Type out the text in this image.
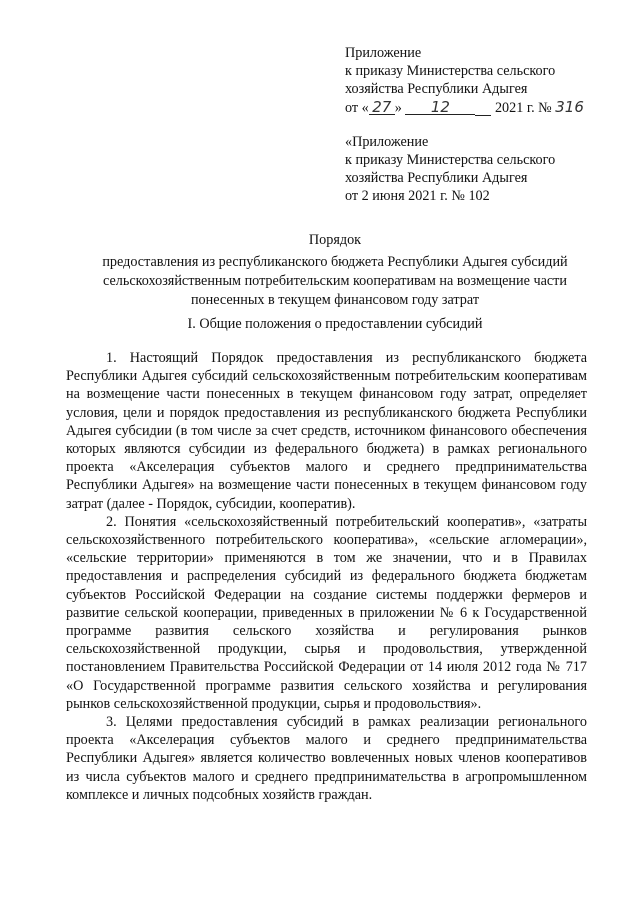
Приложение
к приказу Министерства сельского
хозяйства Республики Адыгея
от « 27 » 12	2021 г. № 316
«Приложение
к приказу Министерства сельского
хозяйства Республики Адыгея
от 2 июня 2021 г. № 102
Порядок
предоставления из республиканского бюджета Республики Адыгея субсидий
сельскохозяйственным потребительским кооперативам на возмещение части
понесенных в текущем финансовом году затрат
I. Общие положения о предоставлении субсидий

1. Настоящий Порядок предоставления из республиканского бюджета Республики Адыгея субсидий сельскохозяйственным потребительским кооперативам на возмещение части понесенных в текущем финансовом году затрат, определяет условия, цели и порядок предоставления из республиканского бюджета Республики Адыгея субсидии (в том числе за счет средств, источником финансового обеспечения которых являются субсидии из федерального бюджета) в рамках регионального проекта «Акселерация субъектов малого и среднего предпринимательства Республики Адыгея» на возмещение части понесенных в текущем финансовом году затрат (далее - Порядок, субсидии, кооператив).

2. Понятия «сельскохозяйственный потребительский кооператив», «затраты сельскохозяйственного потребительского кооператива», «сельские агломерации», «сельские территории» применяются в том же значении, что и в Правилах предоставления и распределения субсидий из федерального бюджета бюджетам субъектов Российской Федерации на создание системы поддержки фермеров и развитие сельской кооперации, приведенных в приложении № 6 к Государственной программе развития сельского хозяйства и регулирования рынков сельскохозяйственной продукции, сырья и продовольствия, утвержденной постановлением Правительства Российской Федерации от 14 июля 2012 года № 717 «О Государственной программе развития сельского хозяйства и регулирования рынков сельскохозяйственной продукции, сырья и продовольствия».

3. Целями предоставления субсидий в рамках реализации регионального проекта «Акселерация субъектов малого и среднего предпринимательства Республики Адыгея» является количество вовлеченных новых членов кооперативов из числа субъектов малого и среднего предпринимательства в агропромышленном комплексе и личных подсобных хозяйств граждан.
